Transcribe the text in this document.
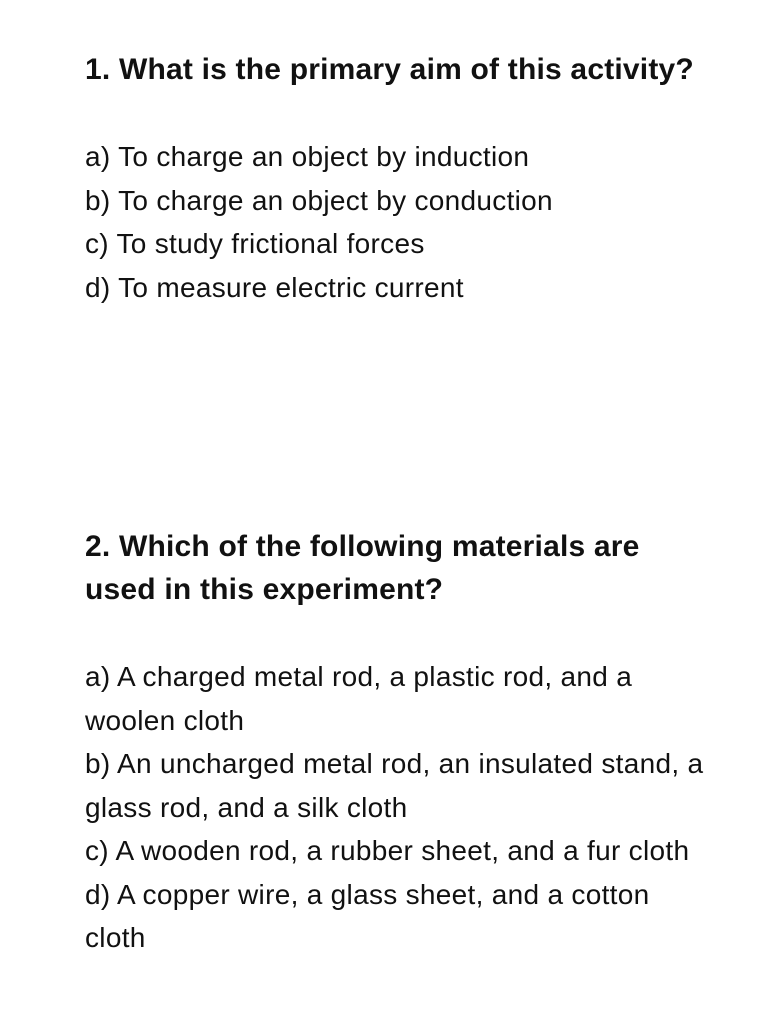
1. What is the primary aim of this activity?
a) To charge an object by induction
b) To charge an object by conduction
c) To study frictional forces
d) To measure electric current
2. Which of the following materials are used in this experiment?
a) A charged metal rod, a plastic rod, and a woolen cloth
b) An uncharged metal rod, an insulated stand, a glass rod, and a silk cloth
c) A wooden rod, a rubber sheet, and a fur cloth
d) A copper wire, a glass sheet, and a cotton cloth
